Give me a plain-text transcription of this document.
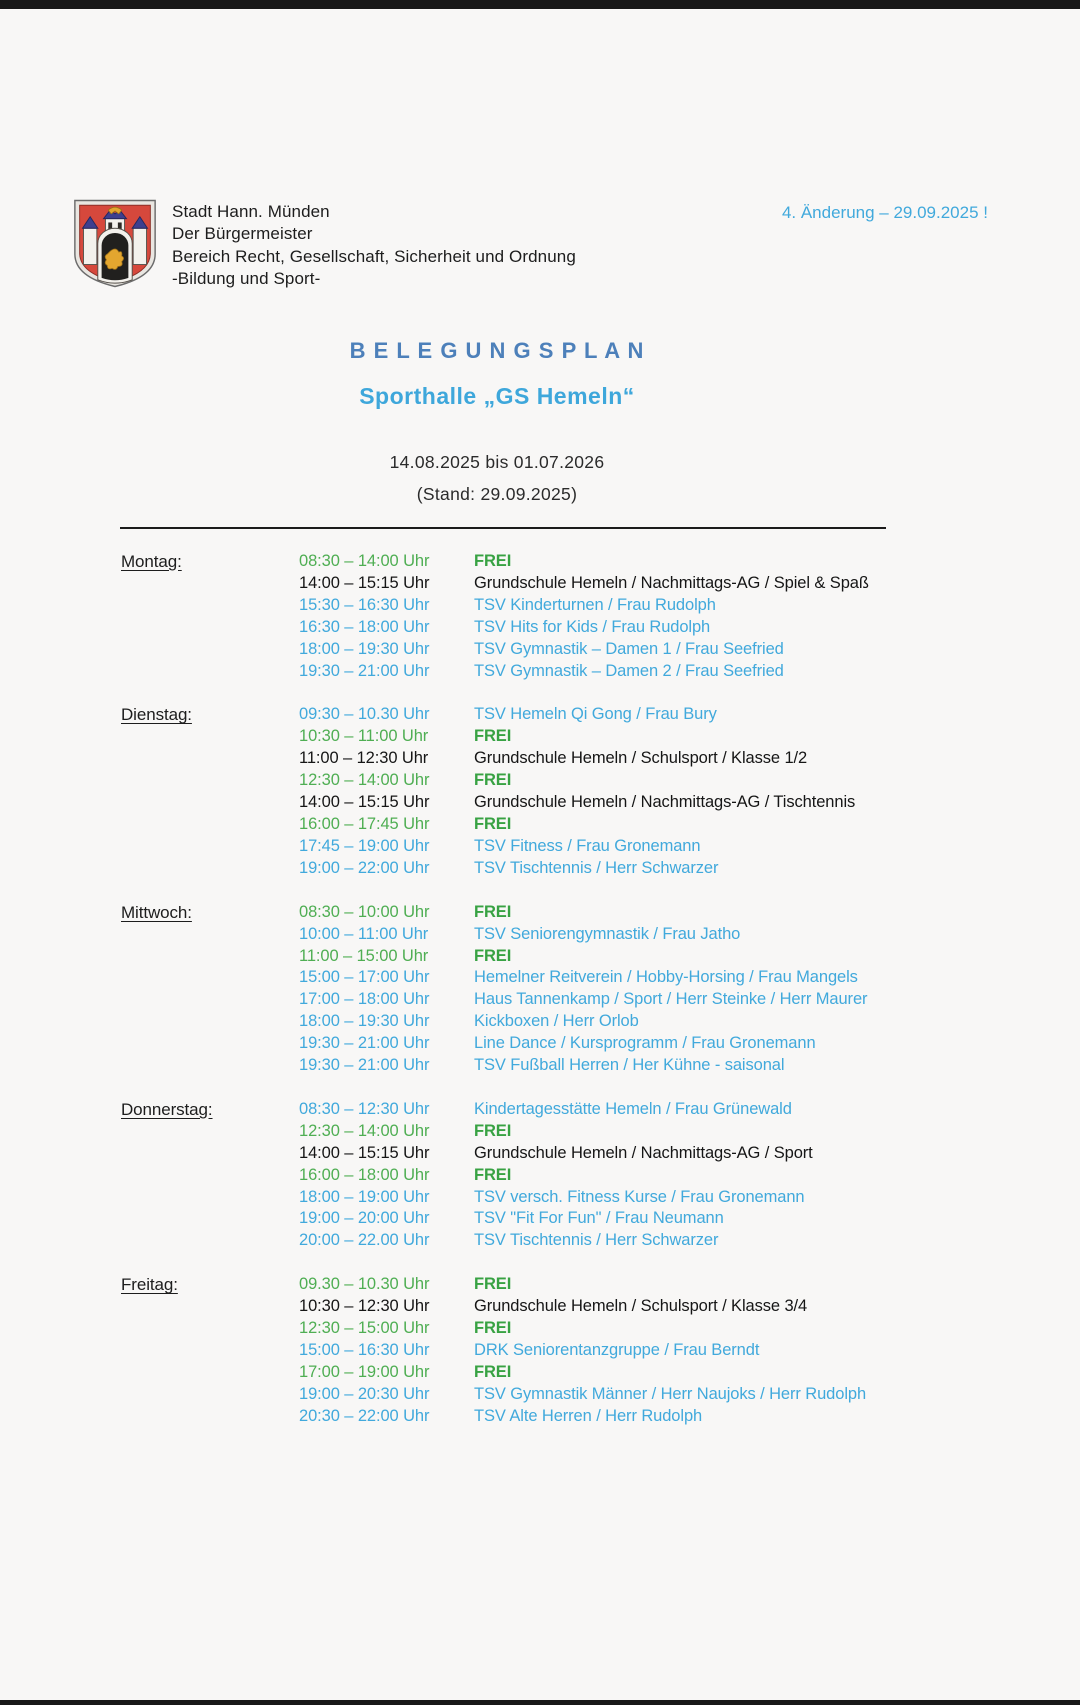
Stadt Hann. Münden
Der Bürgermeister
Bereich Recht, Gesellschaft, Sicherheit und Ordnung
-Bildung und Sport-
4. Änderung – 29.09.2025 !
B E L E G U N G S P L A N
Sporthalle „GS Hemeln“
14.08.2025 bis 01.07.2026
(Stand: 29.09.2025)
Montag:	08:30 – 14:00 Uhr	FREI
14:00 – 15:15 Uhr	Grundschule Hemeln / Nachmittags-AG / Spiel & Spaß
15:30 – 16:30 Uhr	TSV Kinderturnen / Frau Rudolph
16:30 – 18:00 Uhr	TSV Hits for Kids / Frau Rudolph
18:00 – 19:30 Uhr	TSV Gymnastik – Damen 1 / Frau Seefried
19:30 – 21:00 Uhr	TSV Gymnastik – Damen 2 / Frau Seefried
Dienstag:	09:30 – 10.30 Uhr	TSV Hemeln Qi Gong / Frau Bury
10:30 – 11:00 Uhr	FREI
11:00 – 12:30 Uhr	Grundschule Hemeln / Schulsport / Klasse 1/2
12:30 – 14:00 Uhr	FREI
14:00 – 15:15 Uhr	Grundschule Hemeln / Nachmittags-AG / Tischtennis
16:00 – 17:45 Uhr	FREI
17:45 – 19:00 Uhr	TSV Fitness / Frau Gronemann
19:00 – 22:00 Uhr	TSV Tischtennis / Herr Schwarzer
Mittwoch:	08:30 – 10:00 Uhr	FREI
10:00 – 11:00 Uhr	TSV Seniorengymnastik / Frau Jatho
11:00 – 15:00 Uhr	FREI
15:00 – 17:00 Uhr	Hemelner Reitverein / Hobby-Horsing / Frau Mangels
17:00 – 18:00 Uhr	Haus Tannenkamp / Sport / Herr Steinke / Herr Maurer
18:00 – 19:30 Uhr	Kickboxen / Herr Orlob
19:30 – 21:00 Uhr	Line Dance / Kursprogramm / Frau Gronemann
19:30 – 21:00 Uhr	TSV Fußball Herren / Her Kühne - saisonal
Donnerstag:	08:30 – 12:30 Uhr	Kindertagesstätte Hemeln / Frau Grünewald
12:30 – 14:00 Uhr	FREI
14:00 – 15:15 Uhr	Grundschule Hemeln / Nachmittags-AG / Sport
16:00 – 18:00 Uhr	FREI
18:00 – 19:00 Uhr	TSV versch. Fitness Kurse / Frau Gronemann
19:00 – 20:00 Uhr	TSV "Fit For Fun" / Frau Neumann
20:00 – 22.00 Uhr	TSV Tischtennis / Herr Schwarzer
Freitag:	09.30 – 10.30 Uhr	FREI
10:30 – 12:30 Uhr	Grundschule Hemeln / Schulsport / Klasse 3/4
12:30 – 15:00 Uhr	FREI
15:00 – 16:30 Uhr	DRK Seniorentanzgruppe / Frau Berndt
17:00 – 19:00 Uhr	FREI
19:00 – 20:30 Uhr	TSV Gymnastik Männer / Herr Naujoks / Herr Rudolph
20:30 – 22:00 Uhr	TSV Alte Herren / Herr Rudolph
